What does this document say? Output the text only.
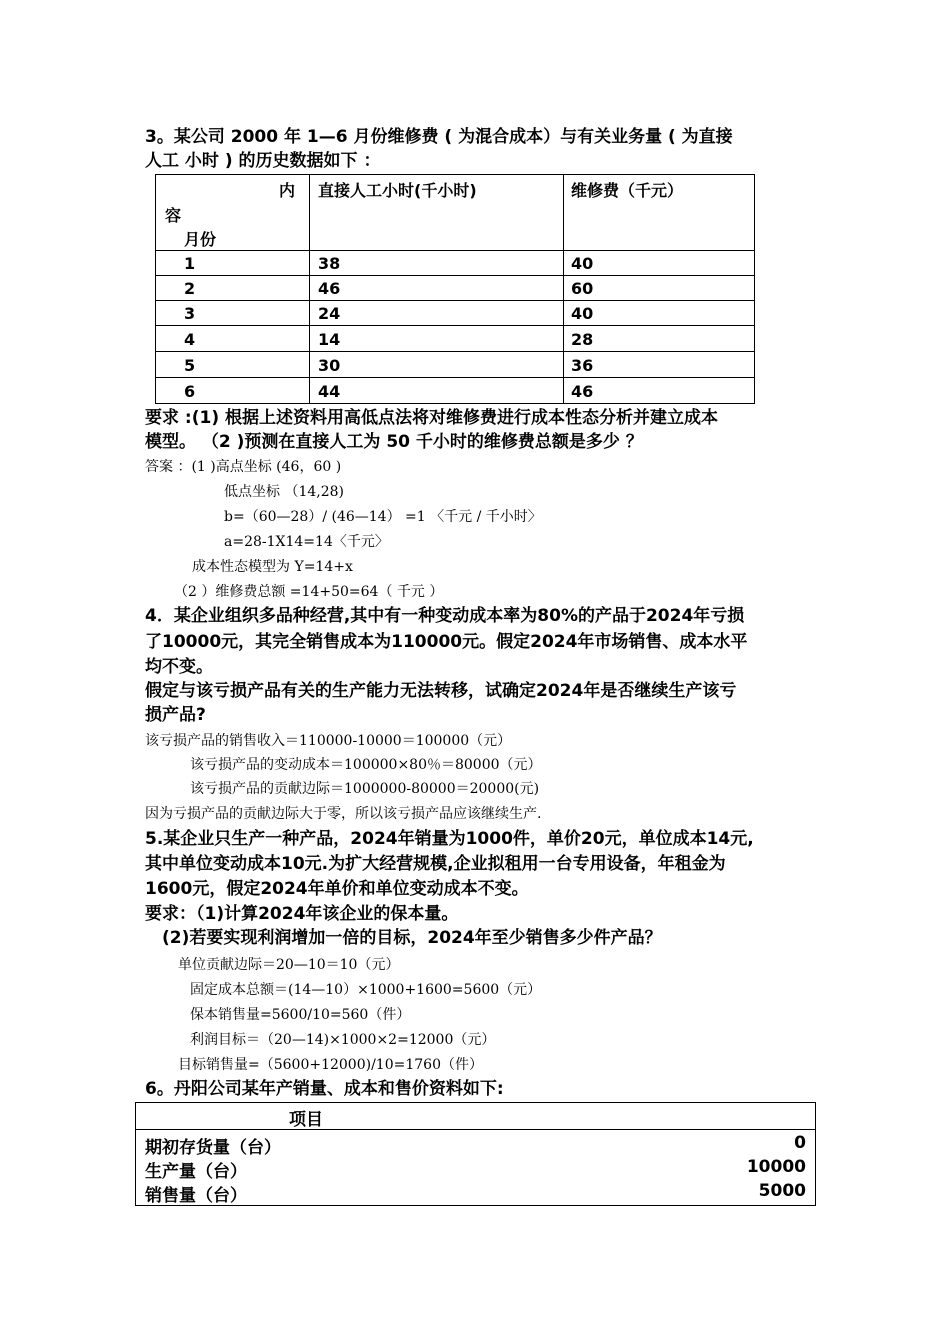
3。某公司 2000 年 1—6 月份维修费 ( 为混合成本）与有关业务量 ( 为直接
人工 小时 ) 的历史数据如下 ：
内
容
月份
直接人工小时(千小时)	维修费（千元）
1	38	40
2	46	60
3	24	40
4	14	28
5	30	36
6	44	46
要求 :(1) 根据上述资料用高低点法将对维修费进行成本性态分析并建立成本
模型。 （2 )预测在直接人工为 50 千小时的维修费总额是多少 ？
答案 ：(1 )高点坐标 (46，60 )
低点坐标 （14,28)
b=（60—28）/ (46—14） =1 〈千元 / 千小时〉
a=28-1X14=14〈千元〉
成本性态模型为 Y=14+x
（2 ）维修费总额 =14+50=64（ 千元 ）
4．某企业组织多品种经营,其中有一种变动成本率为80%的产品于2024年亏损
了10000元，其完全销售成本为110000元。假定2024年市场销售、成本水平
均不变。
假定与该亏损产品有关的生产能力无法转移，试确定2024年是否继续生产该亏
损产品?
该亏损产品的销售收入＝110000-10000＝100000（元）
该亏损产品的变动成本＝100000×80％＝80000（元）
该亏损产品的贡献边际＝1000000-80000＝20000(元)
因为亏损产品的贡献边际大于零，所以该亏损产品应该继续生产.
5.某企业只生产一种产品，2024年销量为1000件，单价20元，单位成本14元,
其中单位变动成本10元.为扩大经营规模,企业拟租用一台专用设备，年租金为
1600元，假定2024年单价和单位变动成本不变。
要求：（1)计算2024年该企业的保本量。
(2)若要实现利润增加一倍的目标，2024年至少销售多少件产品？
单位贡献边际＝20—10＝10（元）
固定成本总额＝(14—10）×1000+1600=5600（元）
保本销售量=5600/10=560（件）
利润目标＝（20—14)×1000×2=12000（元）
目标销售量=（5600+12000)/10=1760（件）
6。丹阳公司某年产销量、成本和售价资料如下:
项目
期初存货量（台）	0
生产量（台）	10000
销售量（台）	5000
